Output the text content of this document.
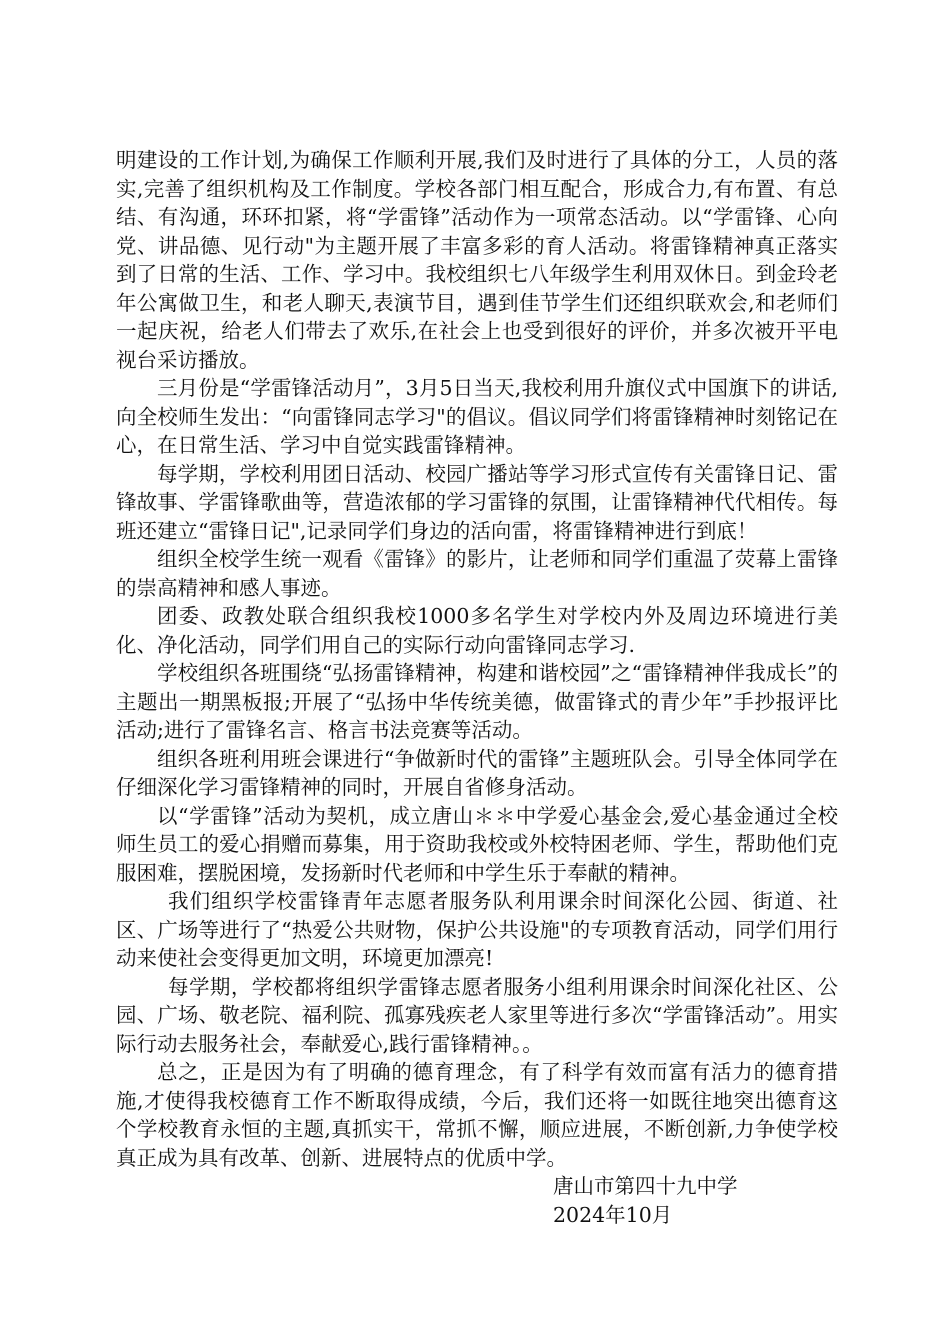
明建设的工作计划,为确保工作顺利开展,我们及时进行了具体的分工，人员的落实,完善了组织机构及工作制度。学校各部门相互配合，形成合力,有布置、有总结、有沟通，环环扣紧，将“学雷锋”活动作为一项常态活动。以“学雷锋、心向党、讲品德、见行动"为主题开展了丰富多彩的育人活动。将雷锋精神真正落实到了日常的生活、工作、学习中。我校组织七八年级学生利用双休日。到金玲老年公寓做卫生，和老人聊天,表演节目，遇到佳节学生们还组织联欢会,和老师们一起庆祝，给老人们带去了欢乐,在社会上也受到很好的评价，并多次被开平电视台采访播放。

三月份是“学雷锋活动月”，3月5日当天,我校利用升旗仪式中国旗下的讲话,向全校师生发出：“向雷锋同志学习"的倡议。倡议同学们将雷锋精神时刻铭记在心，在日常生活、学习中自觉实践雷锋精神。

每学期，学校利用团日活动、校园广播站等学习形式宣传有关雷锋日记、雷锋故事、学雷锋歌曲等，营造浓郁的学习雷锋的氛围，让雷锋精神代代相传。每班还建立“雷锋日记",记录同学们身边的活向雷，将雷锋精神进行到底！

组织全校学生统一观看《雷锋》的影片，让老师和同学们重温了荧幕上雷锋的崇高精神和感人事迹。

团委、政教处联合组织我校1000多名学生对学校内外及周边环境进行美化、净化活动，同学们用自己的实际行动向雷锋同志学习.

学校组织各班围绕“弘扬雷锋精神，构建和谐校园”之“雷锋精神伴我成长”的主题出一期黑板报;开展了“弘扬中华传统美德，做雷锋式的青少年”手抄报评比活动;进行了雷锋名言、格言书法竞赛等活动。

组织各班利用班会课进行“争做新时代的雷锋”主题班队会。引导全体同学在仔细深化学习雷锋精神的同时，开展自省修身活动。

以“学雷锋”活动为契机，成立唐山＊＊中学爱心基金会,爱心基金通过全校师生员工的爱心捐赠而募集，用于资助我校或外校特困老师、学生，帮助他们克服困难，摆脱困境，发扬新时代老师和中学生乐于奉献的精神。

我们组织学校雷锋青年志愿者服务队利用课余时间深化公园、街道、社区、广场等进行了“热爱公共财物，保护公共设施"的专项教育活动，同学们用行动来使社会变得更加文明，环境更加漂亮!

每学期，学校都将组织学雷锋志愿者服务小组利用课余时间深化社区、公园、广场、敬老院、福利院、孤寡残疾老人家里等进行多次“学雷锋活动”。用实际行动去服务社会，奉献爱心,践行雷锋精神。。

总之，正是因为有了明确的德育理念，有了科学有效而富有活力的德育措施,才使得我校德育工作不断取得成绩，今后，我们还将一如既往地突出德育这个学校教育永恒的主题,真抓实干，常抓不懈，顺应进展，不断创新,力争使学校真正成为具有改革、创新、进展特点的优质中学。

唐山市第四十九中学

2024年10月
